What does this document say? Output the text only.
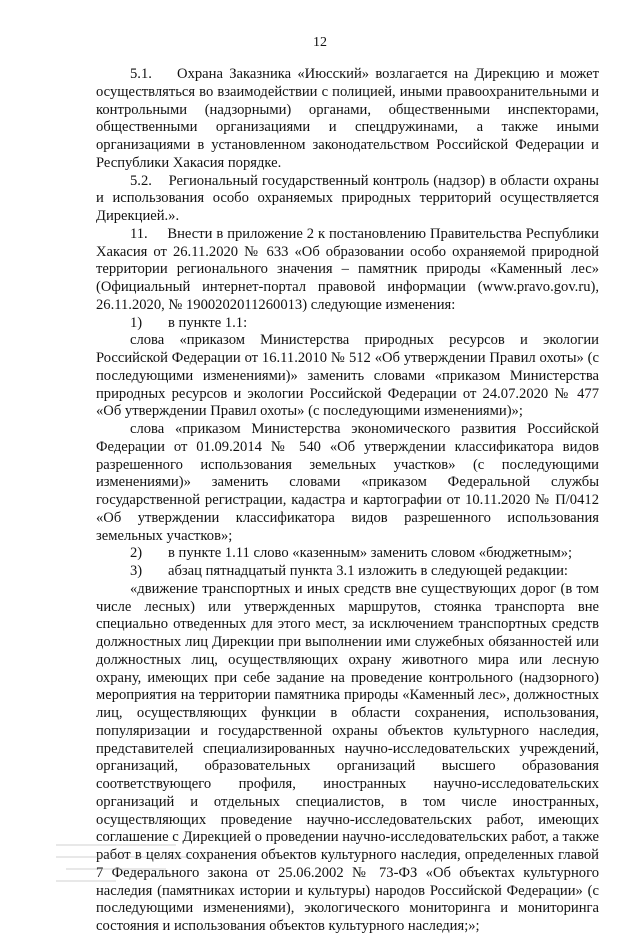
12

5.1.    Охрана Заказника «Июсский» возлагается на Дирекцию и может осуществляться во взаимодействии с полицией, иными правоохранительными и контрольными (надзорными) органами, общественными инспекторами, общественными организациями и спецдружинами, а также иными организациями в установленном законодательством Российской Федерации и Республики Хакасия порядке.

5.2.    Региональный государственный контроль (надзор) в области охраны и использования особо охраняемых природных территорий осуществляется Дирекцией.».

11.     Внести в приложение 2 к постановлению Правительства Республики Хакасия от 26.11.2020 № 633 «Об образовании особо охраняемой природной территории регионального значения – памятник природы «Каменный лес» (Официальный интернет-портал правовой информации (www.pravo.gov.ru), 26.11.2020, № 1900202011260013) следующие изменения:

1)	в пункте 1.1:

слова «приказом Министерства природных ресурсов и экологии Российской Федерации от 16.11.2010 № 512 «Об утверждении Правил охоты» (с последующими изменениями)» заменить словами «приказом Министерства природных ресурсов и экологии Российской Федерации от 24.07.2020 № 477 «Об утверждении Правил охоты» (с последующими изменениями)»;

слова «приказом Министерства экономического развития Российской Федерации от 01.09.2014 № 540 «Об утверждении классификатора видов разрешенного использования земельных участков» (с последующими изменениями)» заменить словами «приказом Федеральной службы государственной регистрации, кадастра и картографии от 10.11.2020 № П/0412 «Об утверждении классификатора видов разрешенного использования земельных участков»;

2)	в пункте 1.11 слово «казенным» заменить словом «бюджетным»;
3)	абзац пятнадцатый пункта 3.1 изложить в следующей редакции:

«движение транспортных и иных средств вне существующих дорог (в том числе лесных) или утвержденных маршрутов, стоянка транспорта вне специально отведенных для этого мест, за исключением транспортных средств должностных лиц Дирекции при выполнении ими служебных обязанностей или должностных лиц, осуществляющих охрану животного мира или лесную охрану, имеющих при себе задание на проведение контрольного (надзорного) мероприятия на территории памятника природы «Каменный лес», должностных лиц, осуществляющих функции в области сохранения, использования, популяризации и государственной охраны объектов культурного наследия, представителей специализированных научно-исследовательских учреждений, организаций, образовательных организаций высшего образования соответствующего профиля, иностранных научно-исследовательских организаций и отдельных специалистов, в том числе иностранных, осуществляющих проведение научно-исследовательских работ, имеющих соглашение с Дирекцией о проведении научно-исследовательских работ, а также работ в целях сохранения объектов культурного наследия, определенных главой 7 Федерального закона от 25.06.2002 № 73-ФЗ «Об объектах культурного наследия (памятниках истории и культуры) народов Российской Федерации» (с последующими изменениями), экологического мониторинга и мониторинга состояния и использования объектов культурного наследия;»;
